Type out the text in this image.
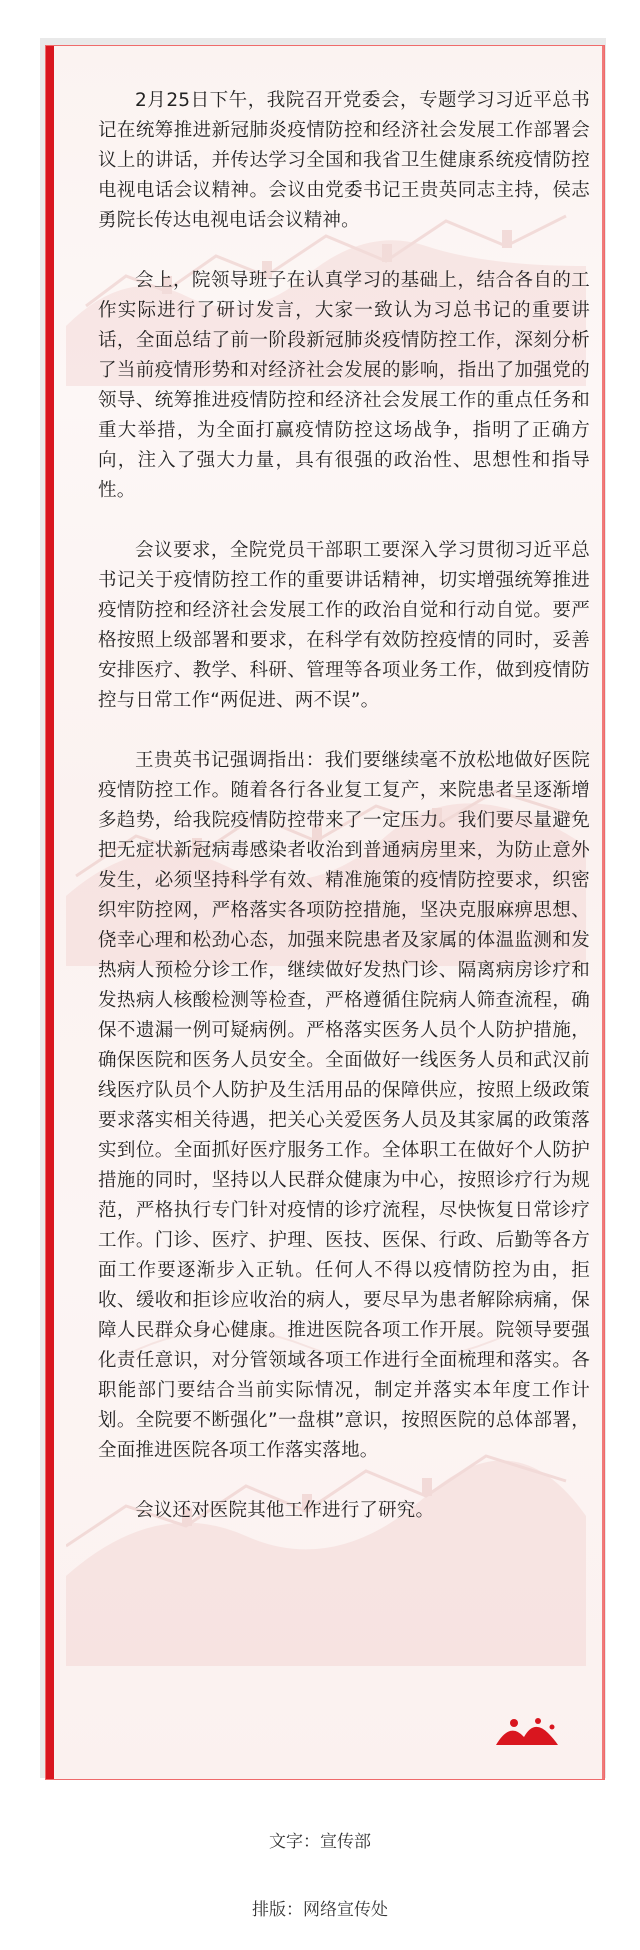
2月25日下午，我院召开党委会，专题学习习近平总书记在统筹推进新冠肺炎疫情防控和经济社会发展工作部署会议上的讲话，并传达学习全国和我省卫生健康系统疫情防控电视电话会议精神。会议由党委书记王贵英同志主持，侯志勇院长传达电视电话会议精神。

会上，院领导班子在认真学习的基础上，结合各自的工作实际进行了研讨发言，大家一致认为习总书记的重要讲话，全面总结了前一阶段新冠肺炎疫情防控工作，深刻分析了当前疫情形势和对经济社会发展的影响，指出了加强党的领导、统筹推进疫情防控和经济社会发展工作的重点任务和重大举措，为全面打赢疫情防控这场战争，指明了正确方向，注入了强大力量，具有很强的政治性、思想性和指导性。

会议要求，全院党员干部职工要深入学习贯彻习近平总书记关于疫情防控工作的重要讲话精神，切实增强统筹推进疫情防控和经济社会发展工作的政治自觉和行动自觉。要严格按照上级部署和要求，在科学有效防控疫情的同时，妥善安排医疗、教学、科研、管理等各项业务工作，做到疫情防控与日常工作“两促进、两不误”。

王贵英书记强调指出：我们要继续毫不放松地做好医院疫情防控工作。随着各行各业复工复产，来院患者呈逐渐增多趋势，给我院疫情防控带来了一定压力。我们要尽量避免把无症状新冠病毒感染者收治到普通病房里来，为防止意外发生，必须坚持科学有效、精准施策的疫情防控要求，织密织牢防控网，严格落实各项防控措施，坚决克服麻痹思想、侥幸心理和松劲心态，加强来院患者及家属的体温监测和发热病人预检分诊工作，继续做好发热门诊、隔离病房诊疗和发热病人核酸检测等检查，严格遵循住院病人筛查流程，确保不遗漏一例可疑病例。严格落实医务人员个人防护措施，确保医院和医务人员安全。全面做好一线医务人员和武汉前线医疗队员个人防护及生活用品的保障供应，按照上级政策要求落实相关待遇，把关心关爱医务人员及其家属的政策落实到位。全面抓好医疗服务工作。全体职工在做好个人防护措施的同时，坚持以人民群众健康为中心，按照诊疗行为规范，严格执行专门针对疫情的诊疗流程，尽快恢复日常诊疗工作。门诊、医疗、护理、医技、医保、行政、后勤等各方面工作要逐渐步入正轨。任何人不得以疫情防控为由，拒收、缓收和拒诊应收治的病人，要尽早为患者解除病痛，保障人民群众身心健康。推进医院各项工作开展。院领导要强化责任意识，对分管领域各项工作进行全面梳理和落实。各职能部门要结合当前实际情况，制定并落实本年度工作计划。全院要不断强化”一盘棋”意识，按照医院的总体部署，全面推进医院各项工作落实落地。

会议还对医院其他工作进行了研究。

文字：宣传部
排版：网络宣传处
